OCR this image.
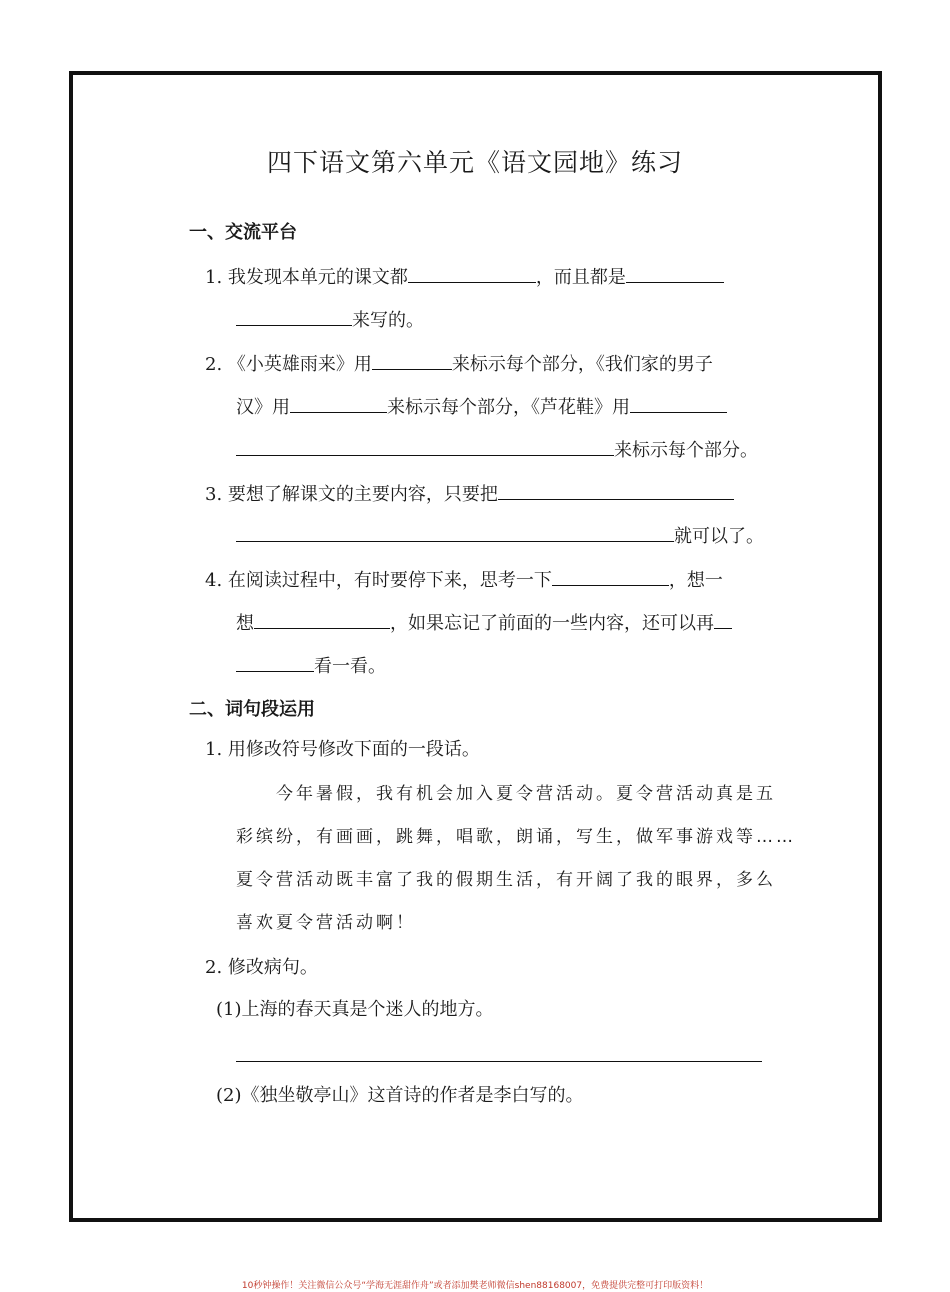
四下语文第六单元《语文园地》练习
一、交流平台
1. 我发现本单元的课文都	，而且都是
来写的。
2. 《小英雄雨来》用	来标示每个部分，《我们家的男子
汉》用	来标示每个部分，《芦花鞋》用
来标示每个部分。
3. 要想了解课文的主要内容，只要把
就可以了。
4. 在阅读过程中，有时要停下来，思考一下	，想一
想	，如果忘记了前面的一些内容，还可以再
看一看。
二、词句段运用
1. 用修改符号修改下面的一段话。
今年暑假，我有机会加入夏令营活动。夏令营活动真是五
彩缤纷，有画画，跳舞，唱歌，朗诵，写生，做军事游戏等……
夏令营活动既丰富了我的假期生活，有开阔了我的眼界，多么
喜欢夏令营活动啊！
2. 修改病句。
(1)上海的春天真是个迷人的地方。
(2)《独坐敬亭山》这首诗的作者是李白写的。
10秒钟操作！关注微信公众号“学海无涯甜作舟”或者添加樊老师微信shen88168007，免费提供完整可打印版资料！
